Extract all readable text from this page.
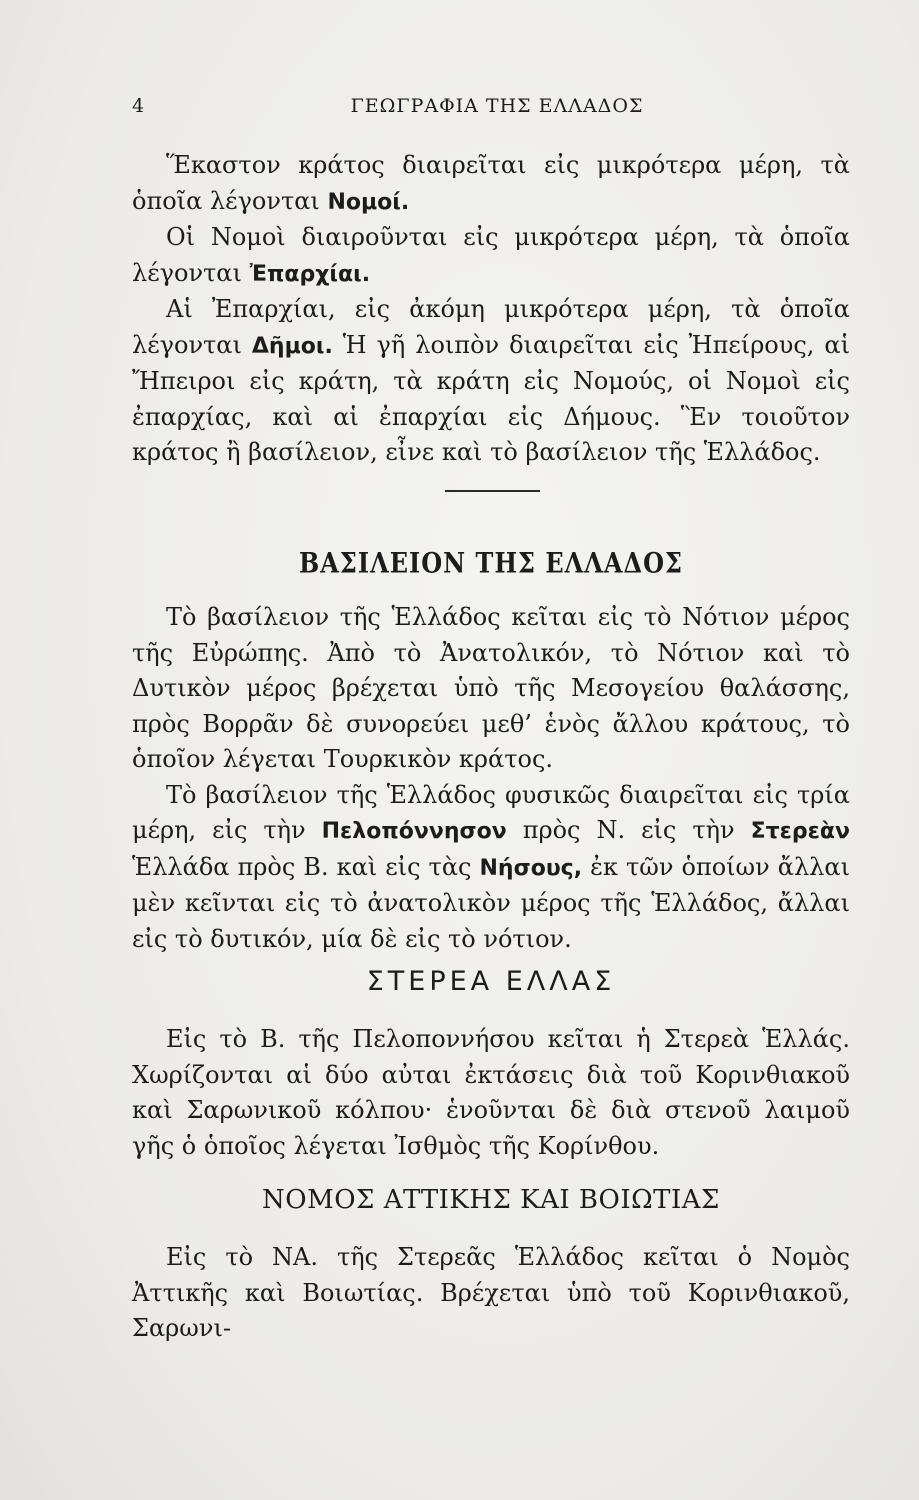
4	ΓΕΩΓΡΑΦΙΑ ΤΗΣ ΕΛΛΑΔΟΣ

Ἕκαστον κράτος διαιρεῖται εἰς μικρότερα μέρη, τὰ ὁποῖα λέγονται Νομοί.

Οἱ Νομοὶ διαιροῦνται εἰς μικρότερα μέρη, τὰ ὁποῖα λέγονται Ἐπαρχίαι.

Αἱ Ἐπαρχίαι, εἰς ἀκόμη μικρότερα μέρη, τὰ ὁποῖα λέγονται Δῆμοι. Ἡ γῆ λοιπὸν διαιρεῖται εἰς Ἠπείρους, αἱ Ἤπειροι εἰς κράτη, τὰ κράτη εἰς Νομούς, οἱ Νομοὶ εἰς ἐπαρχίας, καὶ αἱ ἐπαρχίαι εἰς Δήμους. Ἓν τοιοῦτον κράτος ἢ βασίλειον, εἶνε καὶ τὸ βασίλειον τῆς Ἑλλάδος.

ΒΑΣΙΛΕΙΟΝ ΤΗΣ ΕΛΛΑΔΟΣ

Τὸ βασίλειον τῆς Ἑλλάδος κεῖται εἰς τὸ Νότιον μέρος τῆς Εὐρώπης. Ἀπὸ τὸ Ἀνατολικόν, τὸ Νότιον καὶ τὸ Δυτικὸν μέρος βρέχεται ὑπὸ τῆς Μεσογείου θαλάσσης, πρὸς Βορρᾶν δὲ συνορεύει μεθ’ ἑνὸς ἄλλου κράτους, τὸ ὁποῖον λέγεται Τουρκικὸν κράτος.

Τὸ βασίλειον τῆς Ἑλλάδος φυσικῶς διαιρεῖται εἰς τρία μέρη, εἰς τὴν Πελοπόννησον πρὸς Ν. εἰς τὴν Στερεὰν Ἑλλάδα πρὸς Β. καὶ εἰς τὰς Νήσους, ἐκ τῶν ὁποίων ἄλλαι μὲν κεῖνται εἰς τὸ ἀνατολικὸν μέρος τῆς Ἑλλάδος, ἄλλαι εἰς τὸ δυτικόν, μία δὲ εἰς τὸ νότιον.

ΣΤΕΡΕΑ ΕΛΛΑΣ

Εἰς τὸ Β. τῆς Πελοποννήσου κεῖται ἡ Στερεὰ Ἑλλάς. Χωρίζονται αἱ δύο αὐται ἐκτάσεις διὰ τοῦ Κορινθιακοῦ καὶ Σαρωνικοῦ κόλπου· ἑνοῦνται δὲ διὰ στενοῦ λαιμοῦ γῆς ὁ ὁποῖος λέγεται Ἰσθμὸς τῆς Κορίνθου.

ΝΟΜΟΣ ΑΤΤΙΚΗΣ ΚΑΙ ΒΟΙΩΤΙΑΣ

Εἰς τὸ ΝΑ. τῆς Στερεᾶς Ἑλλάδος κεῖται ὁ Νομὸς Ἀττικῆς καὶ Βοιωτίας. Βρέχεται ὑπὸ τοῦ Κορινθιακοῦ, Σαρωνι-
